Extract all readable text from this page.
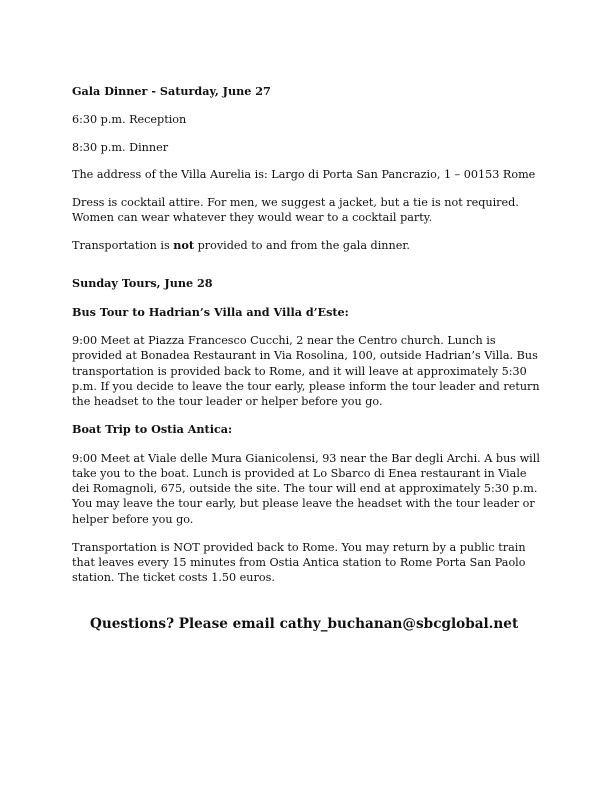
Gala Dinner - Saturday, June 27

6:30 p.m. Reception

8:30 p.m. Dinner

The address of the Villa Aurelia is: Largo di Porta San Pancrazio, 1 – 00153 Rome

Dress is cocktail attire. For men, we suggest a jacket, but a tie is not required. Women can wear whatever they would wear to a cocktail party.

Transportation is not provided to and from the gala dinner.

Sunday Tours, June 28

Bus Tour to Hadrian’s Villa and Villa d’Este:

9:00 Meet at Piazza Francesco Cucchi, 2 near the Centro church. Lunch is provided at Bonadea Restaurant in Via Rosolina, 100, outside Hadrian’s Villa. Bus transportation is provided back to Rome, and it will leave at approximately 5:30 p.m. If you decide to leave the tour early, please inform the tour leader and return the headset to the tour leader or helper before you go.

Boat Trip to Ostia Antica:

9:00 Meet at Viale delle Mura Gianicolensi, 93 near the Bar degli Archi. A bus will take you to the boat. Lunch is provided at Lo Sbarco di Enea restaurant in Viale dei Romagnoli, 675, outside the site. The tour will end at approximately 5:30 p.m. You may leave the tour early, but please leave the headset with the tour leader or helper before you go.

Transportation is NOT provided back to Rome. You may return by a public train that leaves every 15 minutes from Ostia Antica station to Rome Porta San Paolo station. The ticket costs 1.50 euros.

Questions? Please email cathy_buchanan@sbcglobal.net
